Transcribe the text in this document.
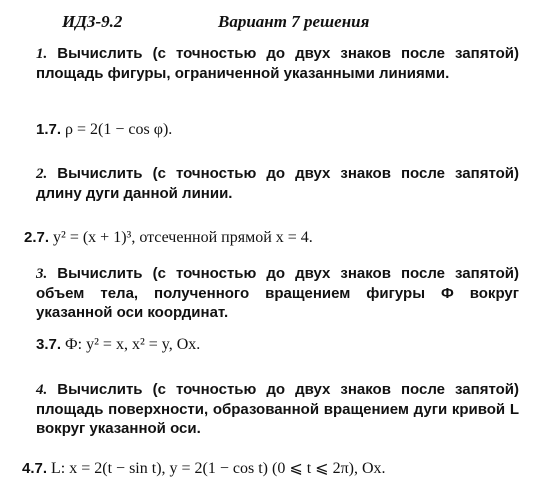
ИДЗ-9.2	Вариант 7 решения
1. Вычислить (с точностью до двух знаков после запятой) площадь фигуры, ограниченной указанными линиями.
1.7. ρ = 2(1 − cos φ).
2. Вычислить (с точностью до двух знаков после запятой) длину дуги данной линии.
2.7. y² = (x + 1)³, отсеченной прямой x = 4.
3. Вычислить (с точностью до двух знаков после запятой) объем тела, полученного вращением фигуры Ф вокруг указанной оси координат.
3.7. Ф: y² = x, x² = y, Ox.
4. Вычислить (с точностью до двух знаков после запятой) площадь поверхности, образованной вращением дуги кривой L вокруг указанной оси.
4.7. L: x = 2(t − sin t), y = 2(1 − cos t) (0 ⩽ t ⩽ 2π), Ox.
